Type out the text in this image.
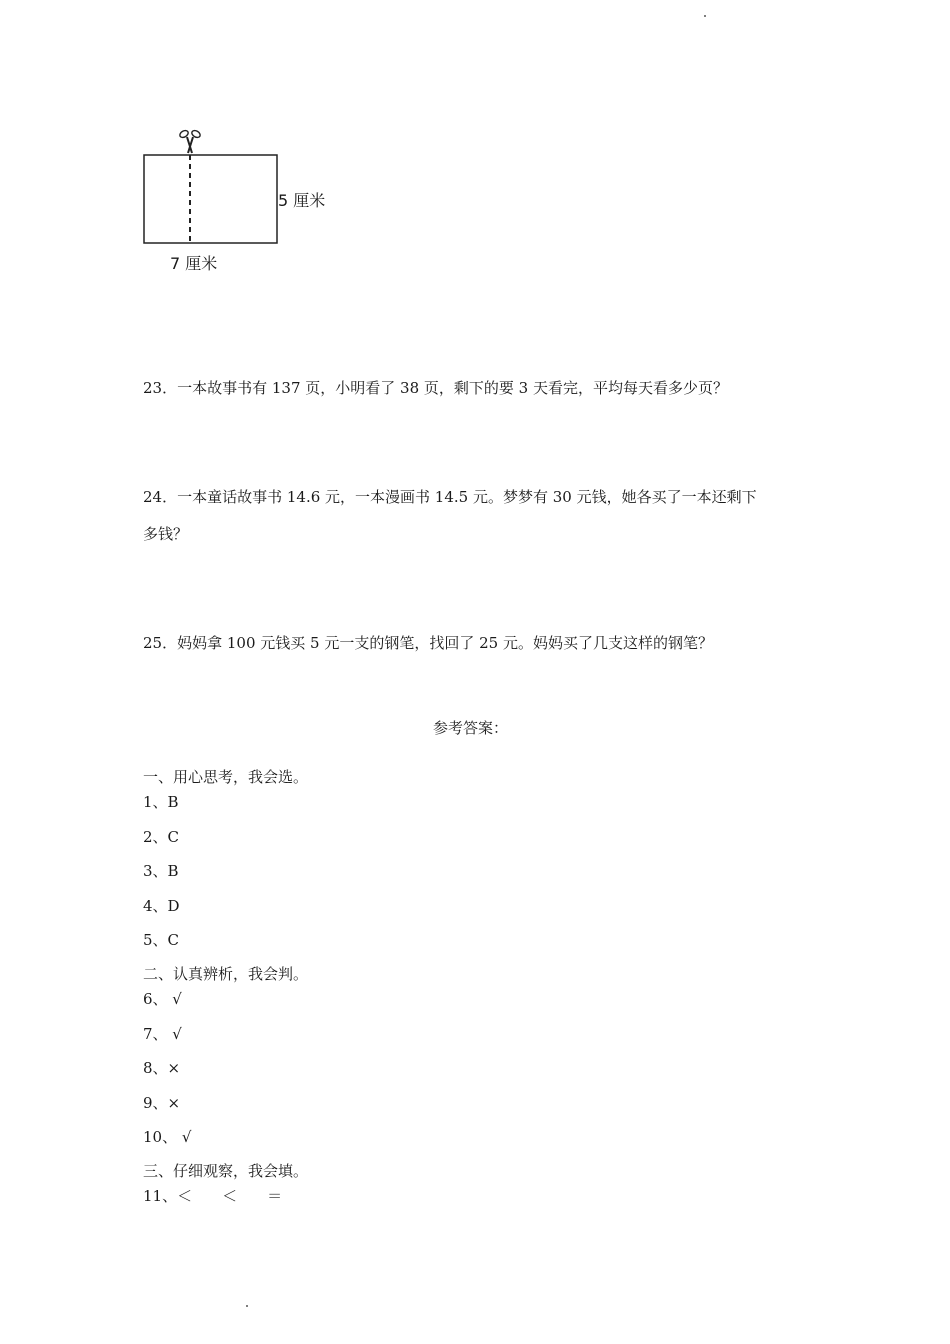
5 厘米
7 厘米
23．一本故事书有 137 页，小明看了 38 页，剩下的要 3 天看完，平均每天看多少页？
24．一本童话故事书 14.6 元，一本漫画书 14.5 元。梦梦有 30 元钱，她各买了一本还剩下
多钱？
25．妈妈拿 100 元钱买 5 元一支的钢笔，找回了 25 元。妈妈买了几支这样的钢笔？
参考答案：
一、用心思考，我会选。
1、B
2、C
3、B
4、D
5、C
二、认真辨析，我会判。
6、 √
7、 √
8、×
9、×
10、 √
三、仔细观察，我会填。
11、＜　　＜　　＝
